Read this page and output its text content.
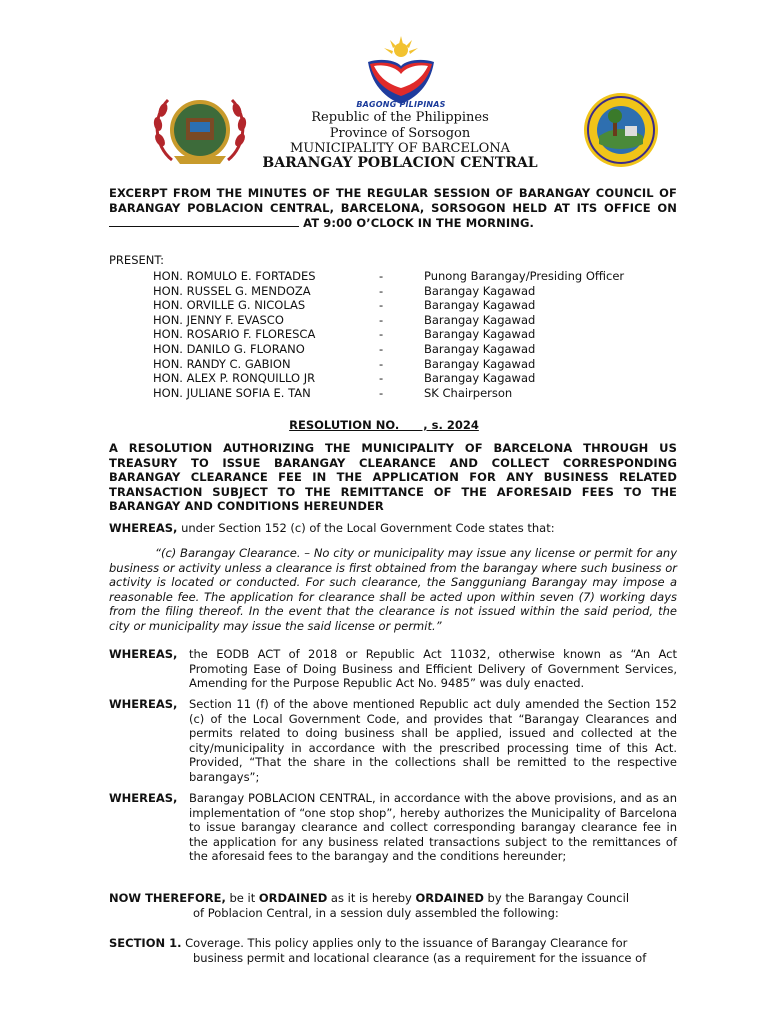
BAGONG PILIPINAS
Republic of the Philippines
Province of Sorsogon
MUNICIPALITY OF BARCELONA
BARANGAY POBLACION CENTRAL
EXCERPT FROM THE MINUTES OF THE REGULAR SESSION OF BARANGAY COUNCIL OF BARANGAY POBLACION CENTRAL, BARCELONA, SORSOGON HELD AT ITS OFFICE ON  AT 9:00 O’CLOCK IN THE MORNING.
PRESENT:
HON. ROMULO E. FORTADES	-	Punong Barangay/Presiding Officer
HON. RUSSEL G. MENDOZA	-	Barangay Kagawad
HON. ORVILLE G. NICOLAS	-	Barangay Kagawad
HON. JENNY F. EVASCO	-	Barangay Kagawad
HON. ROSARIO F. FLORESCA	-	Barangay Kagawad
HON. DANILO G. FLORANO	-	Barangay Kagawad
HON. RANDY C. GABION	-	Barangay Kagawad
HON. ALEX P. RONQUILLO JR	-	Barangay Kagawad
HON. JULIANE SOFIA E. TAN	-	SK Chairperson
RESOLUTION NO.      , s. 2024
A RESOLUTION AUTHORIZING THE MUNICIPALITY OF BARCELONA THROUGH US TREASURY TO ISSUE BARANGAY CLEARANCE AND COLLECT CORRESPONDING BARANGAY CLEARANCE FEE IN THE APPLICATION FOR ANY BUSINESS RELATED TRANSACTION SUBJECT TO THE REMITTANCE OF THE AFORESAID FEES TO THE BARANGAY AND CONDITIONS HEREUNDER
WHEREAS, under Section 152 (c) of the Local Government Code states that:
“(c) Barangay Clearance. – No city or municipality may issue any license or permit for any business or activity unless a clearance is first obtained from the barangay where such business or activity is located or conducted. For such clearance, the Sangguniang Barangay may impose a reasonable fee. The application for clearance shall be acted upon within seven (7) working days from the filing thereof. In the event that the clearance is not issued within the said period, the city or municipality may issue the said license or permit.”
WHEREAS, the EODB ACT of 2018 or Republic Act 11032, otherwise known as “An Act Promoting Ease of Doing Business and Efficient Delivery of Government Services, Amending for the Purpose Republic Act No. 9485” was duly enacted.
WHEREAS, Section 11 (f) of the above mentioned Republic act duly amended the Section 152 (c) of the Local Government Code, and provides that “Barangay Clearances and permits related to doing business shall be applied, issued and collected at the city/municipality in accordance with the prescribed processing time of this Act. Provided, “That the share in the collections shall be remitted to the respective barangays”;
WHEREAS, Barangay POBLACION CENTRAL, in accordance with the above provisions, and as an implementation of “one stop shop”, hereby authorizes the Municipality of Barcelona to issue barangay clearance and collect corresponding barangay clearance fee in the application for any business related transactions subject to the remittances of the aforesaid fees to the barangay and the conditions hereunder;
NOW THEREFORE, be it ORDAINED as it is hereby ORDAINED by the Barangay Council
of Poblacion Central, in a session duly assembled the following:
SECTION 1. Coverage. This policy applies only to the issuance of Barangay Clearance for
business permit and locational clearance (as a requirement for the issuance of
